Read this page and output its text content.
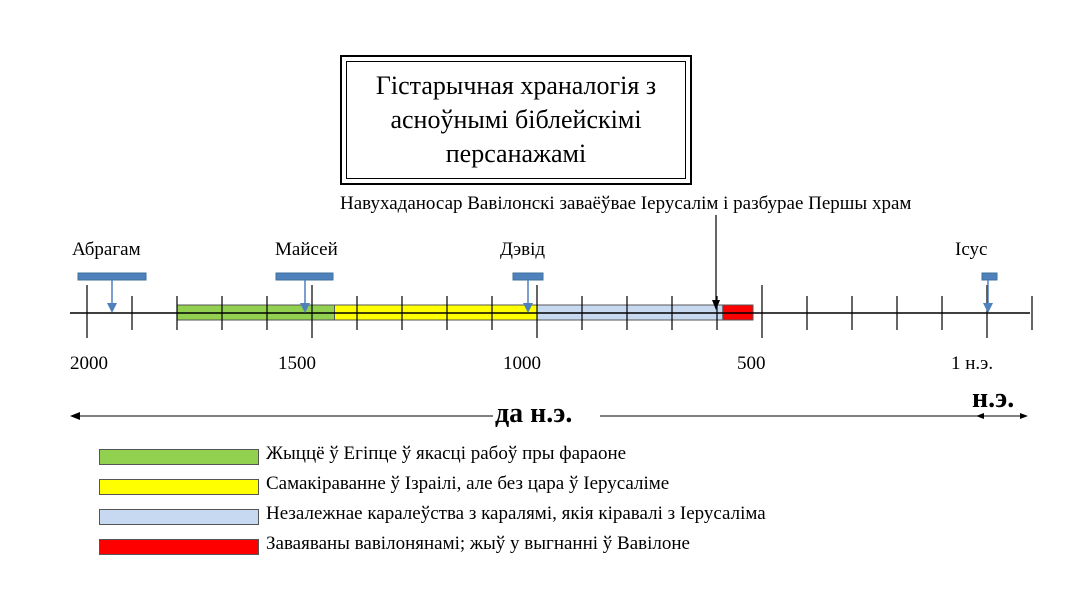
Гістарычная храналогія з асноўнымі біблейскімі персанажамі
Навухаданосар Вавілонскі заваёўвае Іерусалім і разбурае Першы храм
Абрагам	Майсей	Дэвід	Ісус
2000	1500	1000	500	1 н.э.
да н.э.	н.э.
Жыццё ў Егіпце ў якасці рабоў пры фараоне
Самакіраванне ў Ізраілі, але без цара ў Іерусаліме
Незалежнае каралеўства з каралямі, якія кіравалі з Іерусаліма
Заваяваны вавілонянамі; жыў у выгнанні ў Вавілоне
